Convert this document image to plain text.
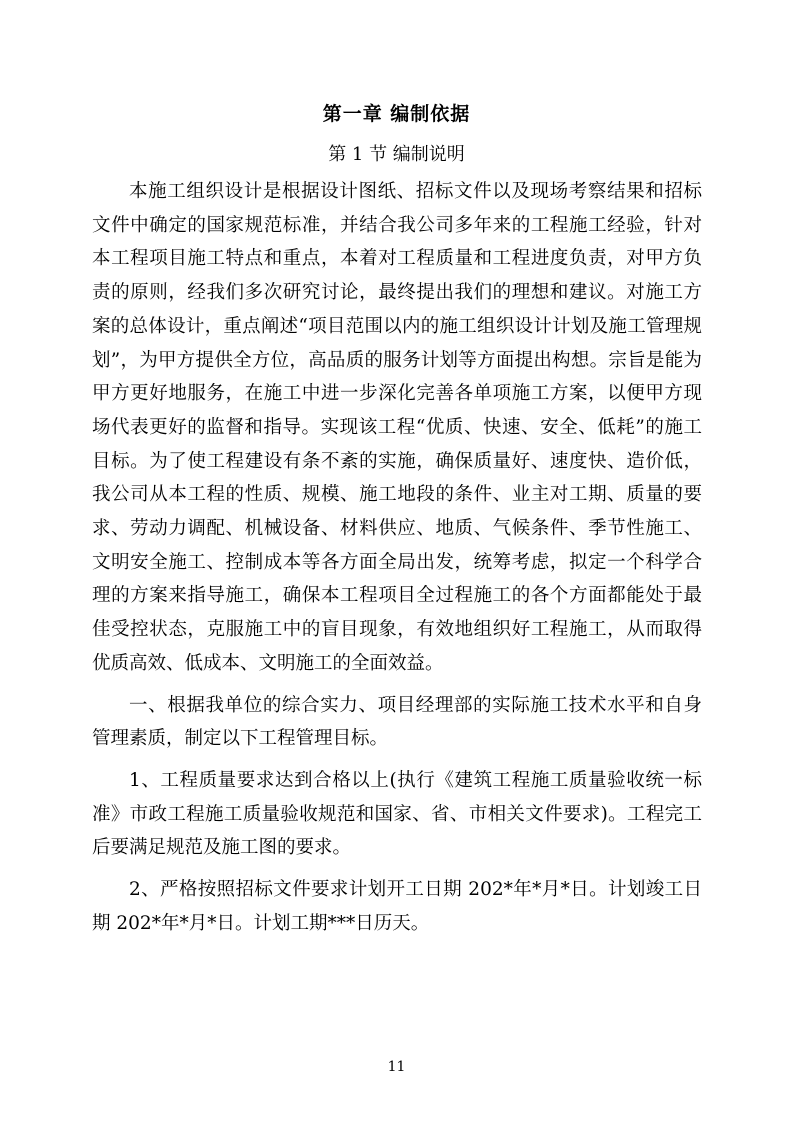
第一章 编制依据
第 1 节 编制说明

本施工组织设计是根据设计图纸、招标文件以及现场考察结果和招标文件中确定的国家规范标准，并结合我公司多年来的工程施工经验，针对本工程项目施工特点和重点，本着对工程质量和工程进度负责，对甲方负责的原则，经我们多次研究讨论，最终提出我们的理想和建议。对施工方案的总体设计，重点阐述“项目范围以内的施工组织设计计划及施工管理规划”，为甲方提供全方位，高品质的服务计划等方面提出构想。宗旨是能为甲方更好地服务，在施工中进一步深化完善各单项施工方案，以便甲方现场代表更好的监督和指导。实现该工程“优质、快速、安全、低耗”的施工目标。为了使工程建设有条不紊的实施，确保质量好、速度快、造价低，我公司从本工程的性质、规模、施工地段的条件、业主对工期、质量的要求、劳动力调配、机械设备、材料供应、地质、气候条件、季节性施工、文明安全施工、控制成本等各方面全局出发，统筹考虑，拟定一个科学合理的方案来指导施工，确保本工程项目全过程施工的各个方面都能处于最佳受控状态，克服施工中的盲目现象，有效地组织好工程施工，从而取得优质高效、低成本、文明施工的全面效益。

一、根据我单位的综合实力、项目经理部的实际施工技术水平和自身管理素质，制定以下工程管理目标。

1、工程质量要求达到合格以上(执行《建筑工程施工质量验收统一标准》市政工程施工质量验收规范和国家、省、市相关文件要求)。工程完工后要满足规范及施工图的要求。

2、严格按照招标文件要求计划开工日期 202*年*月*日。计划竣工日期 202*年*月*日。计划工期***日历天。

11
